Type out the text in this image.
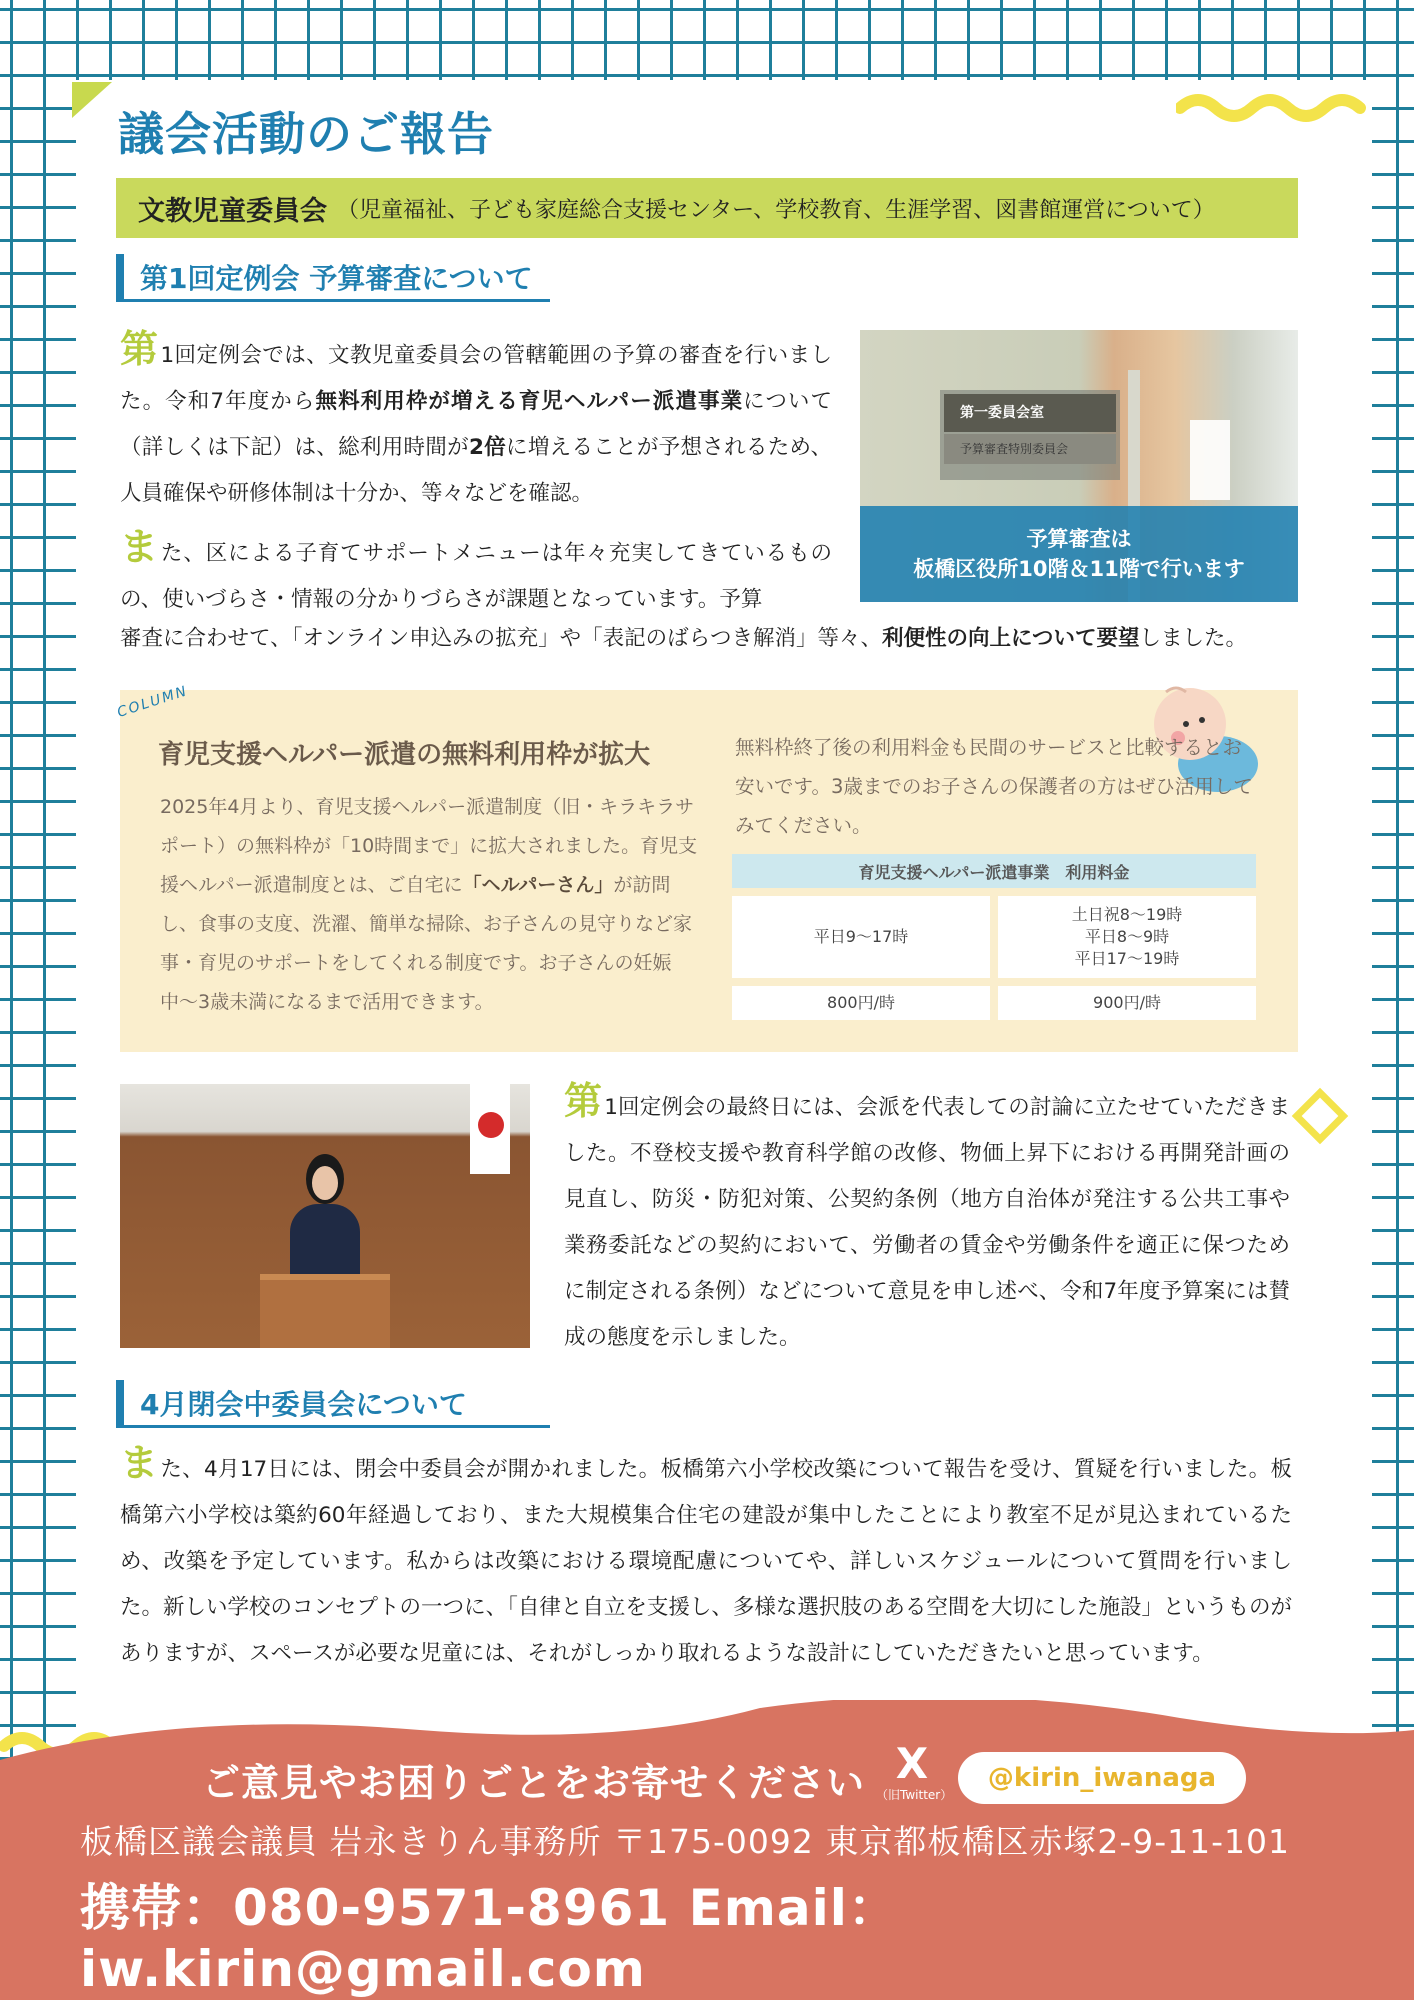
議会活動のご報告
文教児童委員会 （児童福祉、子ども家庭総合支援センター、学校教育、生涯学習、図書館運営について）
第1回定例会 予算審査について

第1回定例会では、文教児童委員会の管轄範囲の予算の審査を行いました。令和7年度から無料利用枠が増える育児ヘルパー派遣事業について（詳しくは下記）は、総利用時間が2倍に増えることが予想されるため、人員確保や研修体制は十分か、等々などを確認。

また、区による子育てサポートメニューは年々充実してきているものの、使いづらさ・情報の分かりづらさが課題となっています。予算

審査に合わせて、「オンライン申込みの拡充」や「表記のばらつき解消」等々、利便性の向上について要望しました。

第一委員会室
予算審査特別委員会
予算審査は
板橋区役所10階＆11階で行います
COLUMN
育児支援ヘルパー派遣の無料利用枠が拡大

2025年4月より、育児支援ヘルパー派遣制度（旧・キラキラサポート）の無料枠が「10時間まで」に拡大されました。育児支援ヘルパー派遣制度とは、ご自宅に「ヘルパーさん」が訪問し、食事の支度、洗濯、簡単な掃除、お子さんの見守りなど家事・育児のサポートをしてくれる制度です。お子さんの妊娠中〜3歳未満になるまで活用できます。

無料枠終了後の利用料金も民間のサービスと比較するとお安いです。3歳までのお子さんの保護者の方はぜひ活用してみてください。

育児支援ヘルパー派遣事業　利用料金
平日9〜17時
土日祝8〜19時
平日8〜9時
平日17〜19時
800円/時	900円/時

第1回定例会の最終日には、会派を代表しての討論に立たせていただきました。不登校支援や教育科学館の改修、物価上昇下における再開発計画の見直し、防災・防犯対策、公契約条例（地方自治体が発注する公共工事や業務委託などの契約において、労働者の賃金や労働条件を適正に保つために制定される条例）などについて意見を申し述べ、令和7年度予算案には賛成の態度を示しました。

4月閉会中委員会について

また、4月17日には、閉会中委員会が開かれました。板橋第六小学校改築について報告を受け、質疑を行いました。板橋第六小学校は築約60年経過しており、また大規模集合住宅の建設が集中したことにより教室不足が見込まれているため、改築を予定しています。私からは改築における環境配慮についてや、詳しいスケジュールについて質問を行いました。新しい学校のコンセプトの一つに、「自律と自立を支援し、多様な選択肢のある空間を大切にした施設」というものがありますが、スペースが必要な児童には、それがしっかり取れるような設計にしていただきたいと思っています。

ご意見やお困りごとをお寄せください X
（旧Twitter）
@kirin_iwanaga
板橋区議会議員 岩永きりん事務所 〒175-0092 東京都板橋区赤塚2-9-11-101
携帯：080-9571-8961 Email：iw.kirin@gmail.com
